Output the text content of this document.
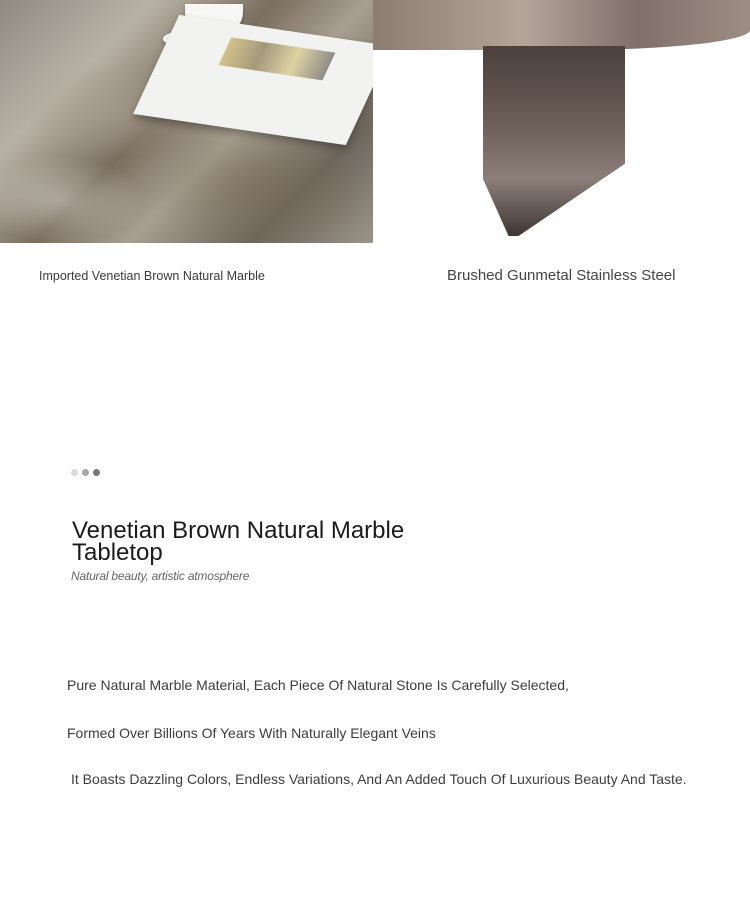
Imported Venetian Brown Natural Marble	Brushed Gunmetal Stainless Steel
Venetian Brown Natural Marble
Tabletop
Natural beauty, artistic atmosphere
Pure Natural Marble Material, Each Piece Of Natural Stone Is Carefully Selected,
Formed Over Billions Of Years With Naturally Elegant Veins
It Boasts Dazzling Colors, Endless Variations, And An Added Touch Of Luxurious Beauty And Taste.
